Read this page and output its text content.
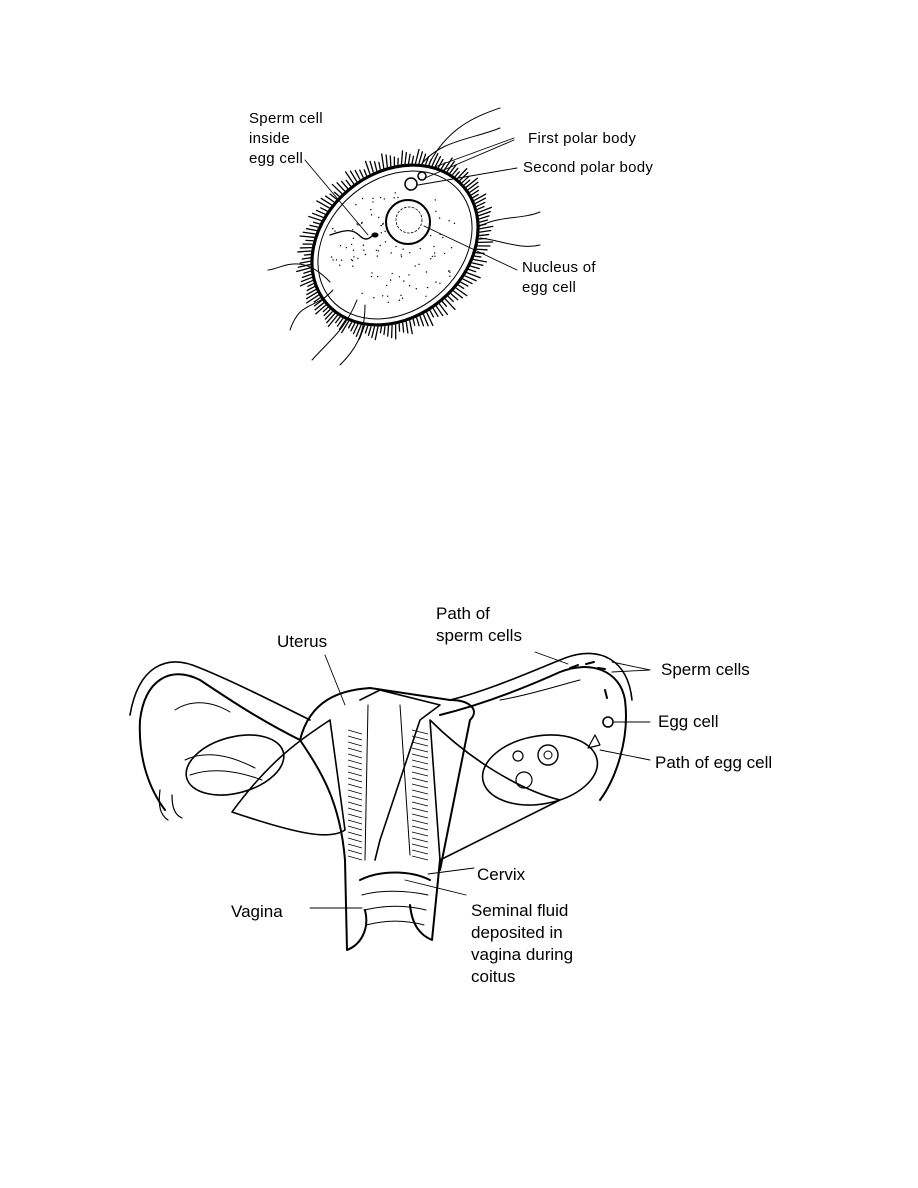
Sperm cell
inside
egg cell
First polar body
Second polar body
Nucleus of
egg cell
Path of
sperm cells
Uterus
Sperm cells
Egg cell
Path of egg cell
Cervix
Vagina	Seminal fluid
deposited in
vagina during
coitus
